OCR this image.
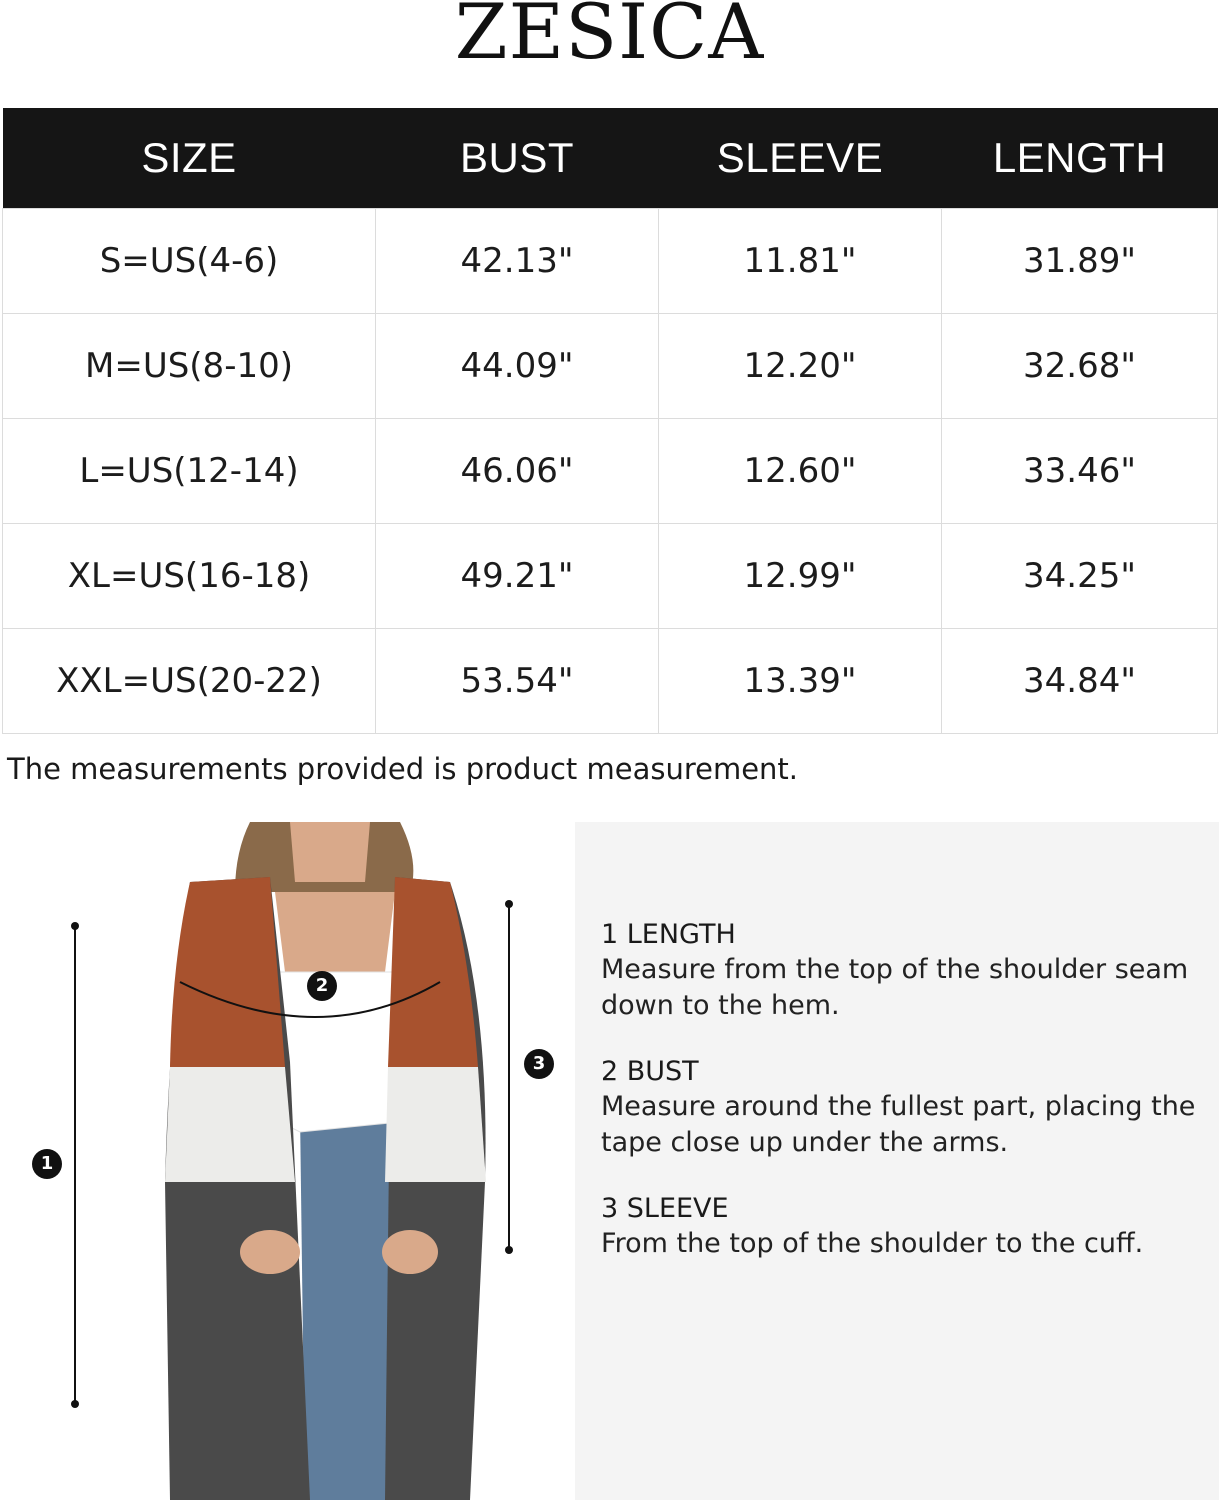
ZESICA
SIZE	BUST	SLEEVE	LENGTH
S=US(4-6)	42.13"	11.81"	31.89"
M=US(8-10)	44.09"	12.20"	32.68"
L=US(12-14)	46.06"	12.60"	33.46"
XL=US(16-18)	49.21"	12.99"	34.25"
XXL=US(20-22)	53.54"	13.39"	34.84"
The measurements provided is product measurement.
1
2
3
1 LENGTH
Measure from the top of the shoulder seam down to the hem.
2 BUST
Measure around the fullest part, placing the tape close up under the arms.
3 SLEEVE
From the top of the shoulder to the cuff.
